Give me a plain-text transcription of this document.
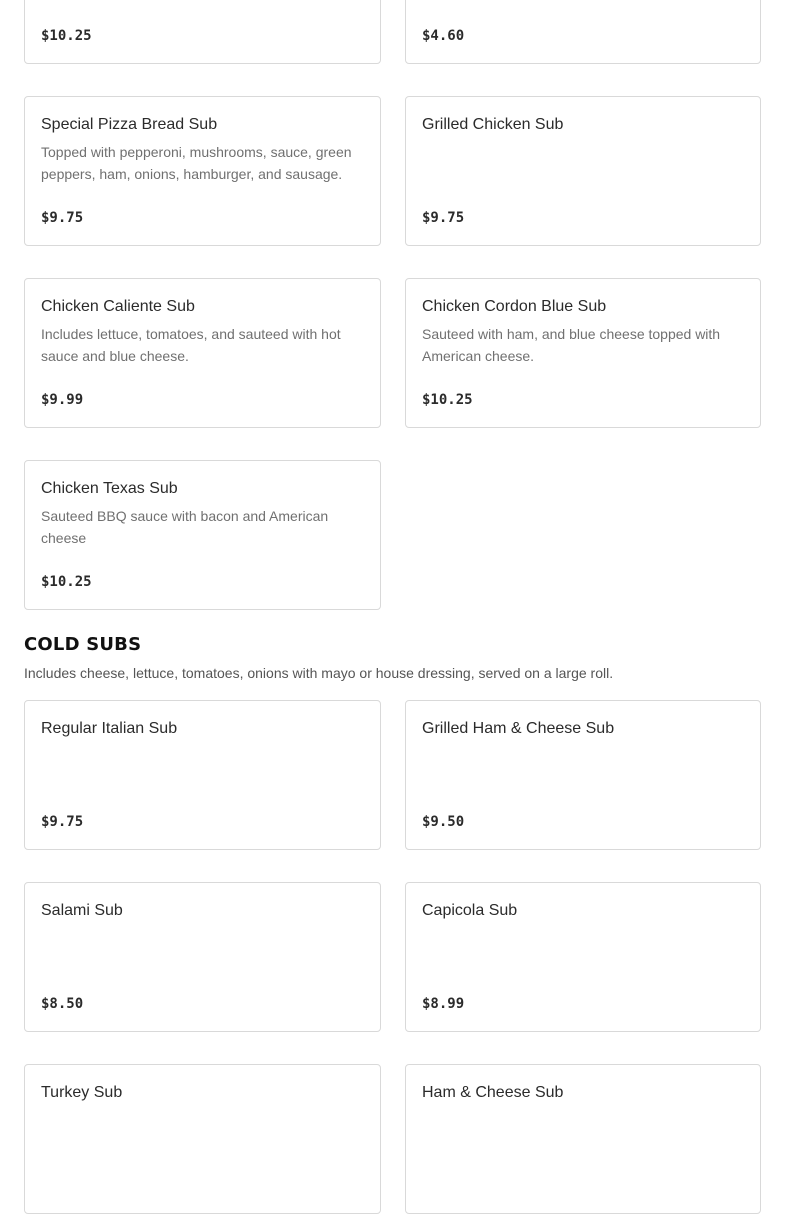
$10.25	$4.60
Special Pizza Bread Sub
Topped with pepperoni, mushrooms, sauce, green peppers, ham, onions, hamburger, and sausage.
$9.75
Grilled Chicken Sub
$9.75
Chicken Caliente Sub
Includes lettuce, tomatoes, and sauteed with hot sauce and blue cheese.
$9.99
Chicken Cordon Blue Sub
Sauteed with ham, and blue cheese topped with American cheese.
$10.25
Chicken Texas Sub
Sauteed BBQ sauce with bacon and American cheese
$10.25
COLD SUBS
Includes cheese, lettuce, tomatoes, onions with mayo or house dressing, served on a large roll.
Regular Italian Sub
$9.75
Grilled Ham & Cheese Sub
$9.50
Salami Sub
$8.50
Capicola Sub
$8.99
Turkey Sub	Ham & Cheese Sub
